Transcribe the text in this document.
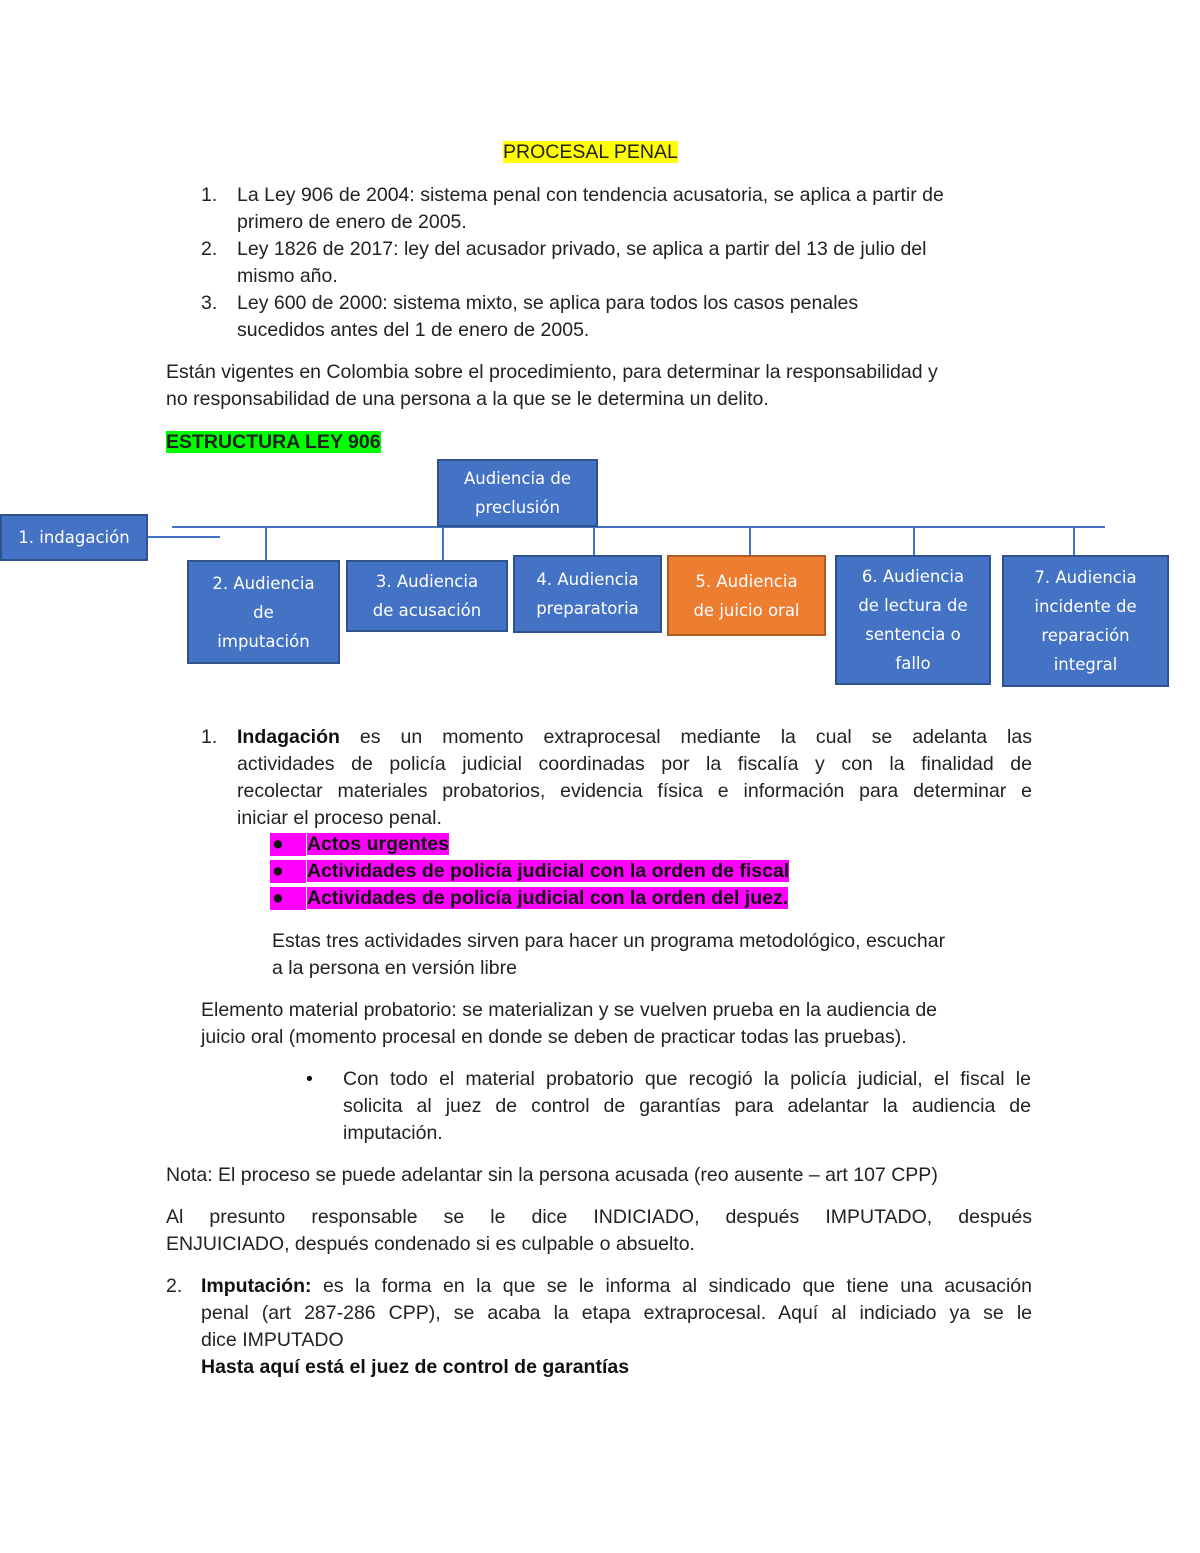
PROCESAL PENAL
1. La Ley 906 de 2004: sistema penal con tendencia acusatoria, se aplica a partir de
primero de enero de 2005.
2. Ley 1826 de 2017: ley del acusador privado, se aplica a partir del 13 de julio del
mismo año.
3. Ley 600 de 2000: sistema mixto, se aplica para todos los casos penales
sucedidos antes del 1 de enero de 2005.
Están vigentes en Colombia sobre el procedimiento, para determinar la responsabilidad y
no responsabilidad de una persona a la que se le determina un delito.
ESTRUCTURA LEY 906
Audiencia de preclusión
1. indagación
2. Audiencia
de
imputación
3. Audiencia
de acusación
4. Audiencia
preparatoria
5. Audiencia
de juicio oral
6. Audiencia
de lectura de
sentencia o
fallo
7. Audiencia
incidente de
reparación
integral
1. Indagación es un momento extraprocesal mediante la cual se adelanta las
actividades de policía judicial coordinadas por la fiscalía y con la finalidad de
recolectar materiales probatorios, evidencia física e información para determinar e
iniciar el proceso penal.
●
●
●
Actos urgentes
Actividades de policía judicial con la orden de fiscal
Actividades de policía judicial con la orden del juez.
Estas tres actividades sirven para hacer un programa metodológico, escuchar
a la persona en versión libre
Elemento material probatorio: se materializan y se vuelven prueba en la audiencia de
juicio oral (momento procesal en donde se deben de practicar todas las pruebas).
• Con todo el material probatorio que recogió la policía judicial, el fiscal le
solicita al juez de control de garantías para adelantar la audiencia de
imputación.
Nota: El proceso se puede adelantar sin la persona acusada (reo ausente – art 107 CPP)
Al presunto responsable se le dice INDICIADO, después IMPUTADO, después
ENJUICIADO, después condenado si es culpable o absuelto.
2. Imputación: es la forma en la que se le informa al sindicado que tiene una acusación
penal (art 287-286 CPP), se acaba la etapa extraprocesal. Aquí al indiciado ya se le
dice IMPUTADO
Hasta aquí está el juez de control de garantías
